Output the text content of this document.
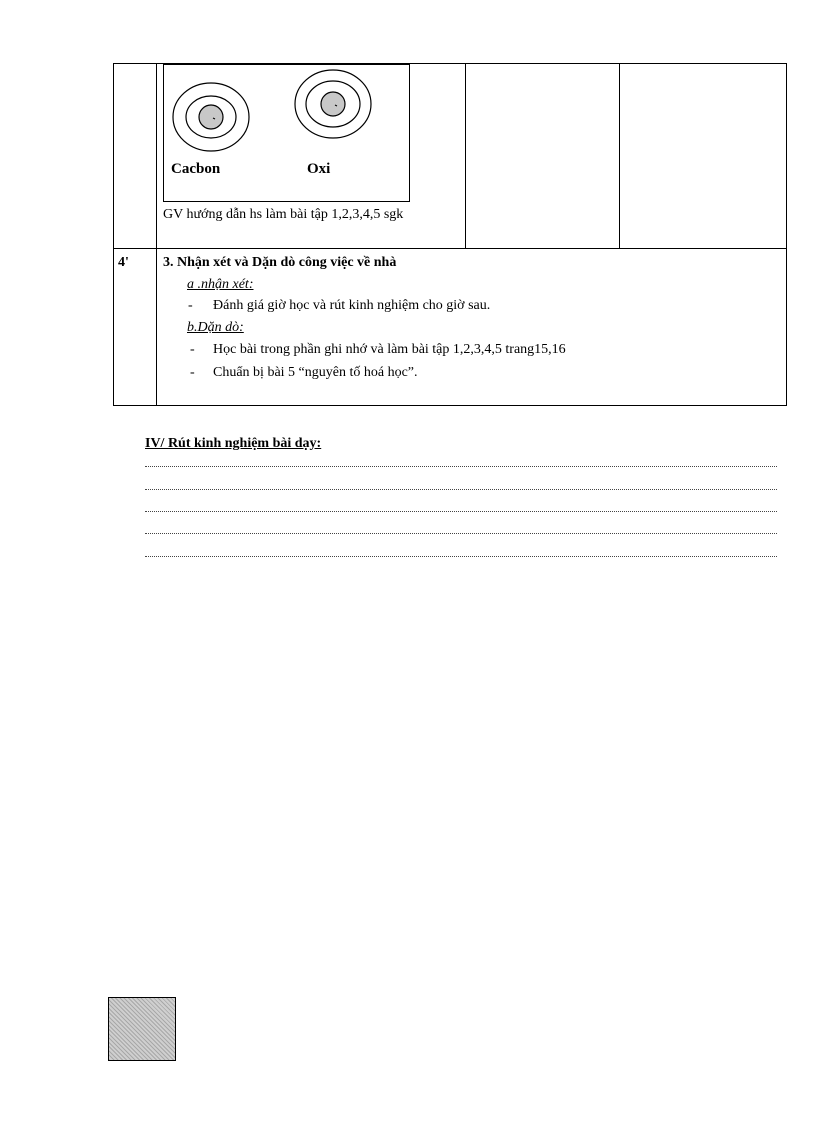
Cacbon	Oxi
GV hướng dẫn hs làm bài tập 1,2,3,4,5 sgk
4' 3. Nhận xét và Dặn dò công việc về nhà
a .nhận xét:
- Đánh giá giờ học và rút kinh nghiệm cho giờ sau.
b.Dặn dò:
- Học bài trong phần ghi nhớ và làm bài tập 1,2,3,4,5 trang15,16
- Chuẩn bị bài 5 “nguyên tố hoá học”.
IV/ Rút kinh nghiệm bài dạy:
